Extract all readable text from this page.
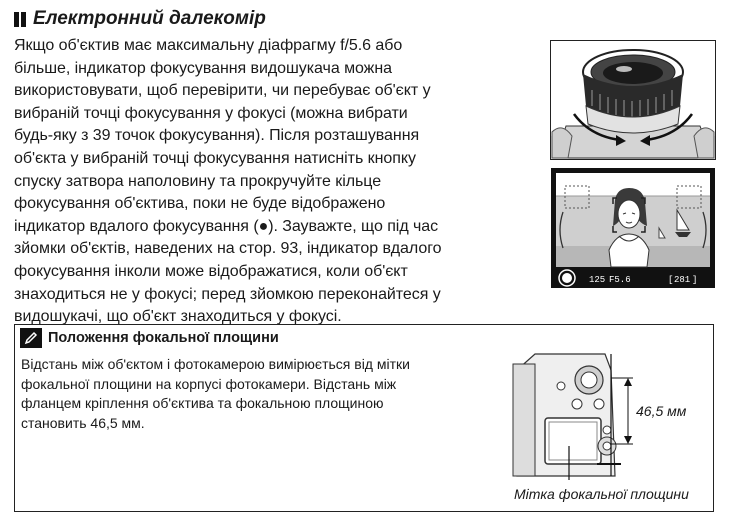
Електронний далекомір
Якщо об'єктив має максимальну діафрагму f/5.6 або
більше, індикатор фокусування видошукача можна
використовувати, щоб перевірити, чи перебуває об'єкт у
вибраній точці фокусування у фокусі (можна вибрати
будь-яку з 39 точок фокусування). Після розташування
об'єкта у вибраній точці фокусування натисніть кнопку
спуску затвора наполовину та прокручуйте кільце
фокусування об'єктива, поки не буде відображено
індикатор вдалого фокусування (●). Зауважте, що під час
зйомки об'єктів, наведених на стор. 93, індикатор вдалого
фокусування інколи може відображатися, коли об'єкт
знаходиться не у фокусі; перед зйомкою переконайтеся у
видошукачі, що об'єкт знаходиться у фокусі.
125 F5.6	[ 281 ]
Положення фокальної площини
Відстань між об'єктом і фотокамерою вимірюється від мітки
фокальної площини на корпусі фотокамери. Відстань між
фланцем кріплення об'єктива та фокальною площиною
становить 46,5 мм.
46,5 мм
Мітка фокальної площини
